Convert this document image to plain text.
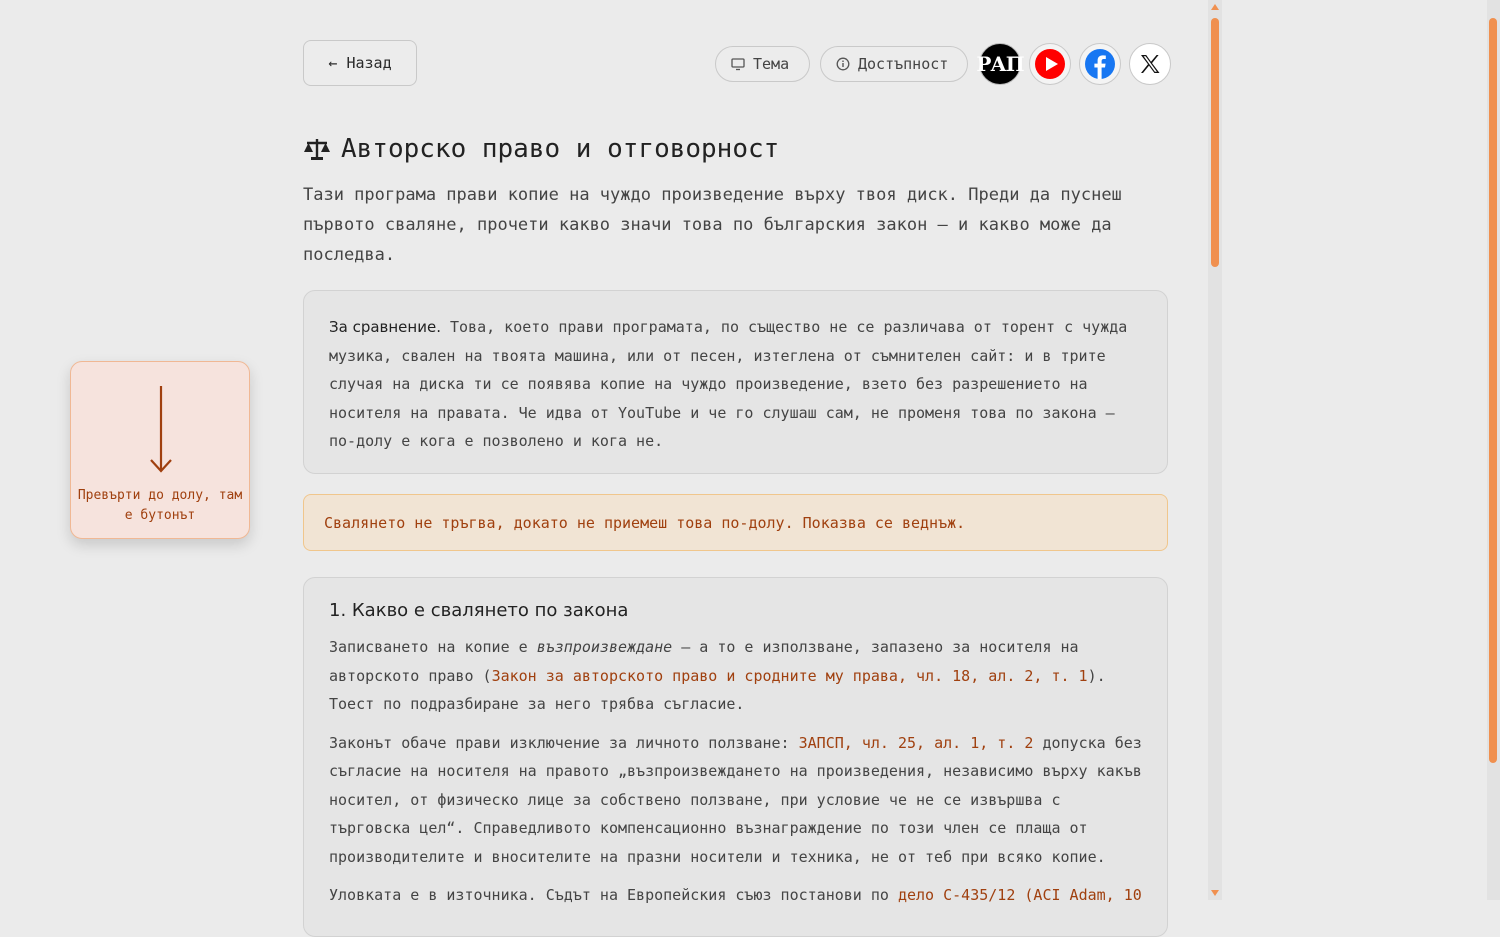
← Назад	Тема	Достъпност РАП
Авторско право и отговорност

Тази програма прави копие на чуждо произведение върху твоя диск. Преди да пуснеш първото сваляне, прочети какво значи това по българския закон — и какво може да последва.

За сравнение. Това, което прави програмата, по същество не се различава от торент с чужда музика, свален на твоята машина, или от песен, изтеглена от съмнителен сайт: и в трите случая на диска ти се появява копие на чуждо произведение, взето без разрешението на носителя на правата. Че идва от YouTube и че го слушаш сам, не променя това по закона — по-долу е кога е позволено и кога не.
Свалянето не тръгва, докато не приемеш това по-долу. Показва се веднъж.
1. Какво е свалянето по закона

Записването на копие е възпроизвеждане — а то е използване, запазено за носителя на авторското право (Закон за авторското право и сродните му права, чл. 18, ал. 2, т. 1). Тоест по подразбиране за него трябва съгласие.

Законът обаче прави изключение за личното ползване: ЗАПСП, чл. 25, ал. 1, т. 2 допуска без съгласие на носителя на правото „възпроизвеждането на произведения, независимо върху какъв носител, от физическо лице за собствено ползване, при условие че не се извършва с търговска цел“. Справедливото компенсационно възнаграждение по този член се плаща от производителите и вносителите на празни носители и техника, не от теб при всяко копие.

Уловката е в източника. Съдът на Европейския съюз постанови по дело C-435/12 (ACI Adam, 10

Превърти до долу, там е бутонът
